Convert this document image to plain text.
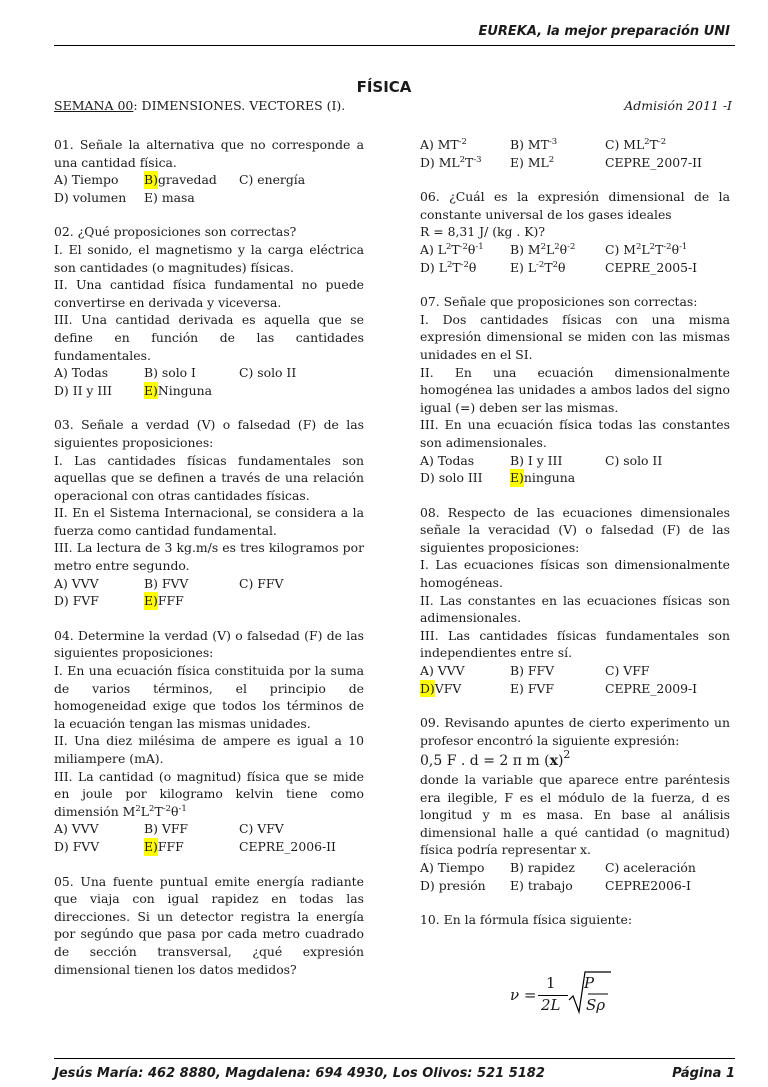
EUREKA, la mejor preparación UNI
FÍSICA
SEMANA 00: DIMENSIONES. VECTORES (I).	Admisión 2011 -I

01. Señale la alternativa que no corresponde a una cantidad física.

A) Tiempo	B)gravedad	C) energía
D) volumen	E) masa

02. ¿Qué proposiciones son correctas?

I. El sonido, el magnetismo y la carga eléctrica son cantidades (o magnitudes) físicas.

II. Una cantidad física fundamental no puede convertirse en derivada y viceversa.

III. Una cantidad derivada es aquella que se define en función de las cantidades fundamentales.

A) Todas	B) solo I	C) solo II
D) II y III	E)Ninguna

03. Señale a verdad (V) o falsedad (F) de las siguientes proposiciones:

I. Las cantidades físicas fundamentales son aquellas que se definen a través de una relación operacional con otras cantidades físicas.

II. En el Sistema Internacional, se considera a la fuerza como cantidad fundamental.

III. La lectura de 3 kg.m/s es tres kilogramos por metro entre segundo.

A) VVV	B) FVV	C) FFV
D) FVF	E)FFF

04. Determine la verdad (V) o falsedad (F) de las siguientes proposiciones:

I. En una ecuación física constituida por la suma de varios términos, el principio de homogeneidad exige que todos los términos de la ecuación tengan las mismas unidades.

II. Una diez milésima de ampere es igual a 10 miliampere (mA).

III. La cantidad (o magnitud) física que se mide en joule por kilogramo kelvin tiene como dimensión $M^2L^2T^{-2}\theta^{-1}$

A) VVV	B) VFF	C) VFV
D) FVV	E)FFF	CEPRE_2006-II

05. Una fuente puntual emite energía radiante que viaja con igual rapidez en todas las direcciones. Si un detector registra la energía por segúndo que pasa por cada metro cuadrado de sección transversal, ¿qué expresión dimensional tienen los datos medidos?

A) $MT^{-2}$	B) $MT^{-3}$	C) $ML^2T^{-2}$
D) $ML^2T^{-3}$	E) $ML^2$	CEPRE_2007-II

06. ¿Cuál es la expresión dimensional de la constante universal de los gases ideales

R = 8,31 J/ (kg . K)?

A) $L^2T^{-2}\theta^{-1}$	B) $M^2L^2\theta^{-2}$	C) $M^2L^2T^{-2}\theta^{-1}$
D) $L^2T^{-2}\theta$	E) $L^{-2}T^2\theta$	CEPRE_2005-I

07. Señale que proposiciones son correctas:

I. Dos cantidades físicas con una misma expresión dimensional se miden con las mismas unidades en el SI.

II. En una ecuación dimensionalmente homogénea las unidades a ambos lados del signo igual (=) deben ser las mismas.

III. En una ecuación física todas las constantes son adimensionales.

A) Todas	B) I y III	C) solo II
D) solo III	E)ninguna

08. Respecto de las ecuaciones dimensionales señale la veracidad (V) o falsedad (F) de las siguientes proposiciones:

I. Las ecuaciones físicas son dimensionalmente homogéneas.

II. Las constantes en las ecuaciones físicas son adimensionales.

III. Las cantidades físicas fundamentales son independientes entre sí.

A) VVV	B) FFV	C) VFF
D)VFV	E) FVF	CEPRE_2009-I

09. Revisando apuntes de cierto experimento un profesor encontró la siguiente expresión:

0,5 F . d = 2 π m $(x)^2$

donde la variable que aparece entre paréntesis era ilegible, F es el módulo de la fuerza, d es longitud y m es masa. En base al análisis dimensional halle a qué cantidad (o magnitud) física podría representar x.

A) Tiempo	B) rapidez	C) aceleración
D) presión	E) trabajo	CEPRE2006-I

10. En la fórmula física siguiente:

ν =
1
2L
P
Sρ
Jesús María: 462 8880, Magdalena: 694 4930, Los Olivos: 521 5182	Página 1
